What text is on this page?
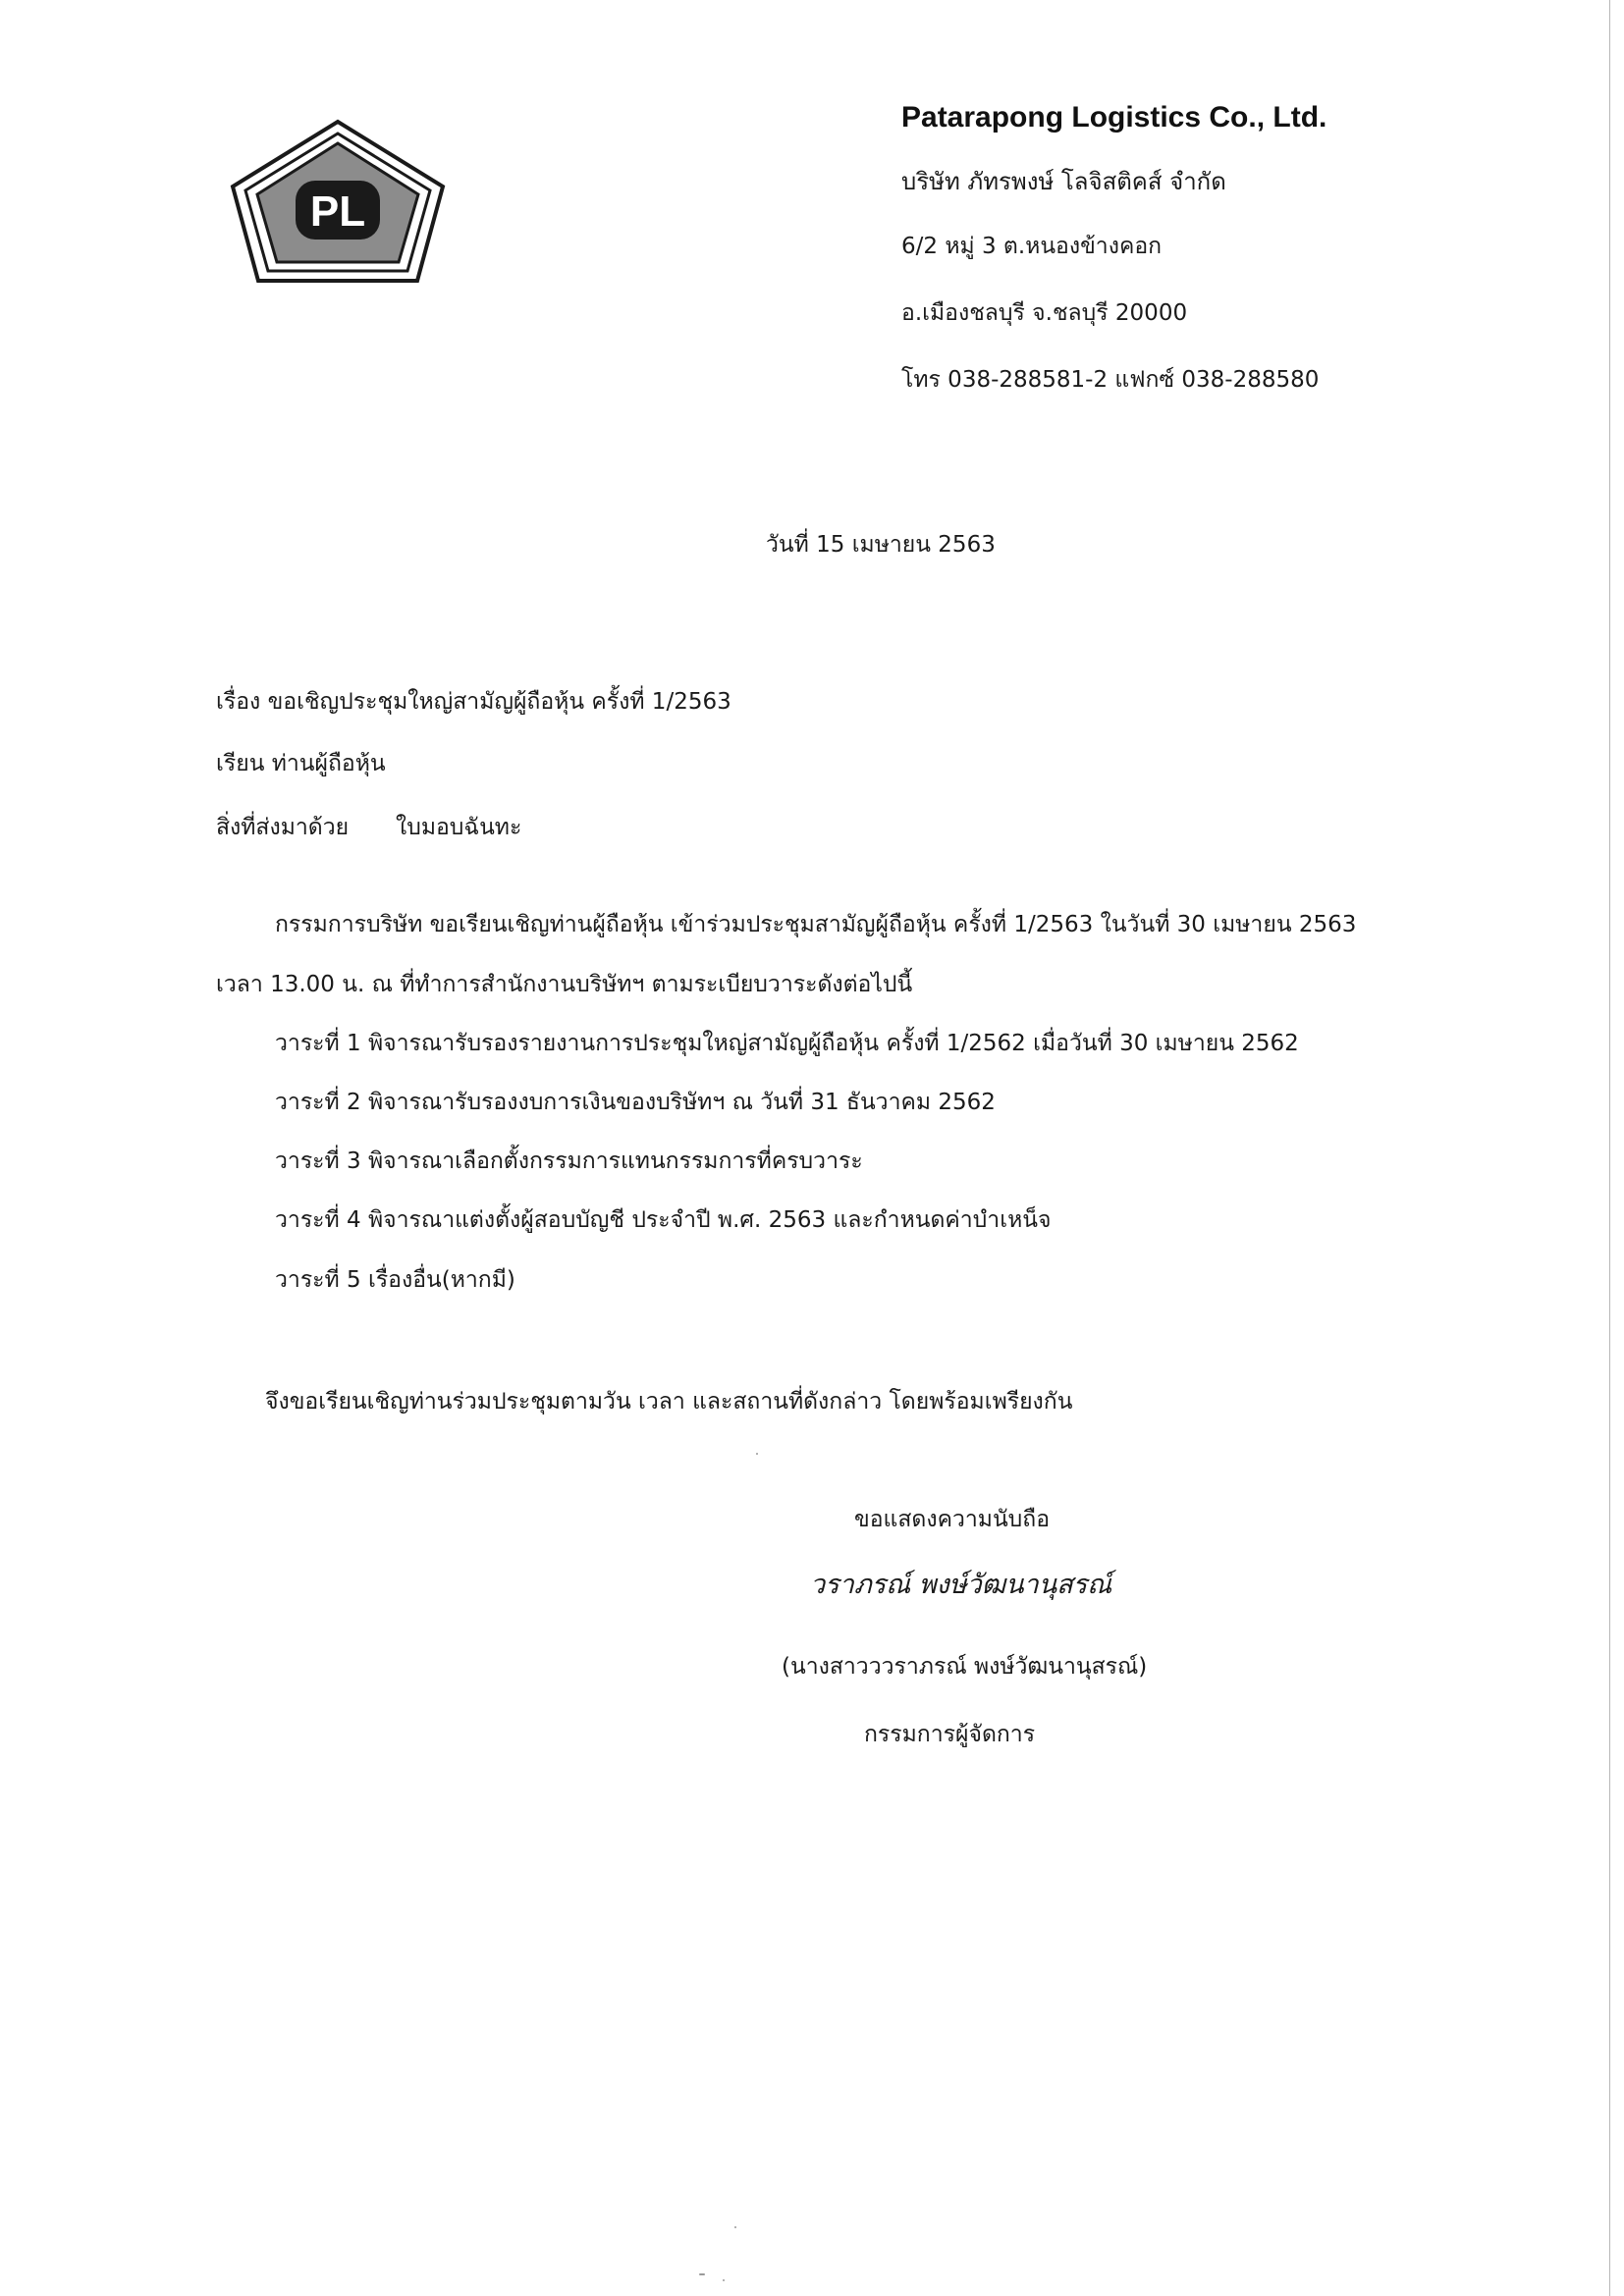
PL
Patarapong Logistics Co., Ltd.
บริษัท ภัทรพงษ์ โลจิสติคส์ จำกัด
6/2 หมู่ 3 ต.หนองข้างคอก
อ.เมืองชลบุรี จ.ชลบุรี 20000
โทร 038-288581-2 แฟกซ์ 038-288580
วันที่ 15 เมษายน 2563
เรื่อง ขอเชิญประชุมใหญ่สามัญผู้ถือหุ้น ครั้งที่ 1/2563
เรียน ท่านผู้ถือหุ้น
สิ่งที่ส่งมาด้วย ใบมอบฉันทะ
กรรมการบริษัท ขอเรียนเชิญท่านผู้ถือหุ้น เข้าร่วมประชุมสามัญผู้ถือหุ้น ครั้งที่ 1/2563 ในวันที่ 30 เมษายน 2563
เวลา 13.00 น. ณ ที่ทำการสำนักงานบริษัทฯ ตามระเบียบวาระดังต่อไปนี้
วาระที่ 1 พิจารณารับรองรายงานการประชุมใหญ่สามัญผู้ถือหุ้น ครั้งที่ 1/2562 เมื่อวันที่ 30 เมษายน 2562
วาระที่ 2 พิจารณารับรองงบการเงินของบริษัทฯ ณ วันที่ 31 ธันวาคม 2562
วาระที่ 3 พิจารณาเลือกตั้งกรรมการแทนกรรมการที่ครบวาระ
วาระที่ 4 พิจารณาแต่งตั้งผู้สอบบัญชี ประจำปี พ.ศ. 2563 และกำหนดค่าบำเหน็จ
วาระที่ 5 เรื่องอื่น(หากมี)
จึงขอเรียนเชิญท่านร่วมประชุมตามวัน เวลา และสถานที่ดังกล่าว โดยพร้อมเพรียงกัน
ขอแสดงความนับถือ
วราภรณ์ พงษ์วัฒนานุสรณ์
(นางสาวววราภรณ์ พงษ์วัฒนานุสรณ์)
กรรมการผู้จัดการ
